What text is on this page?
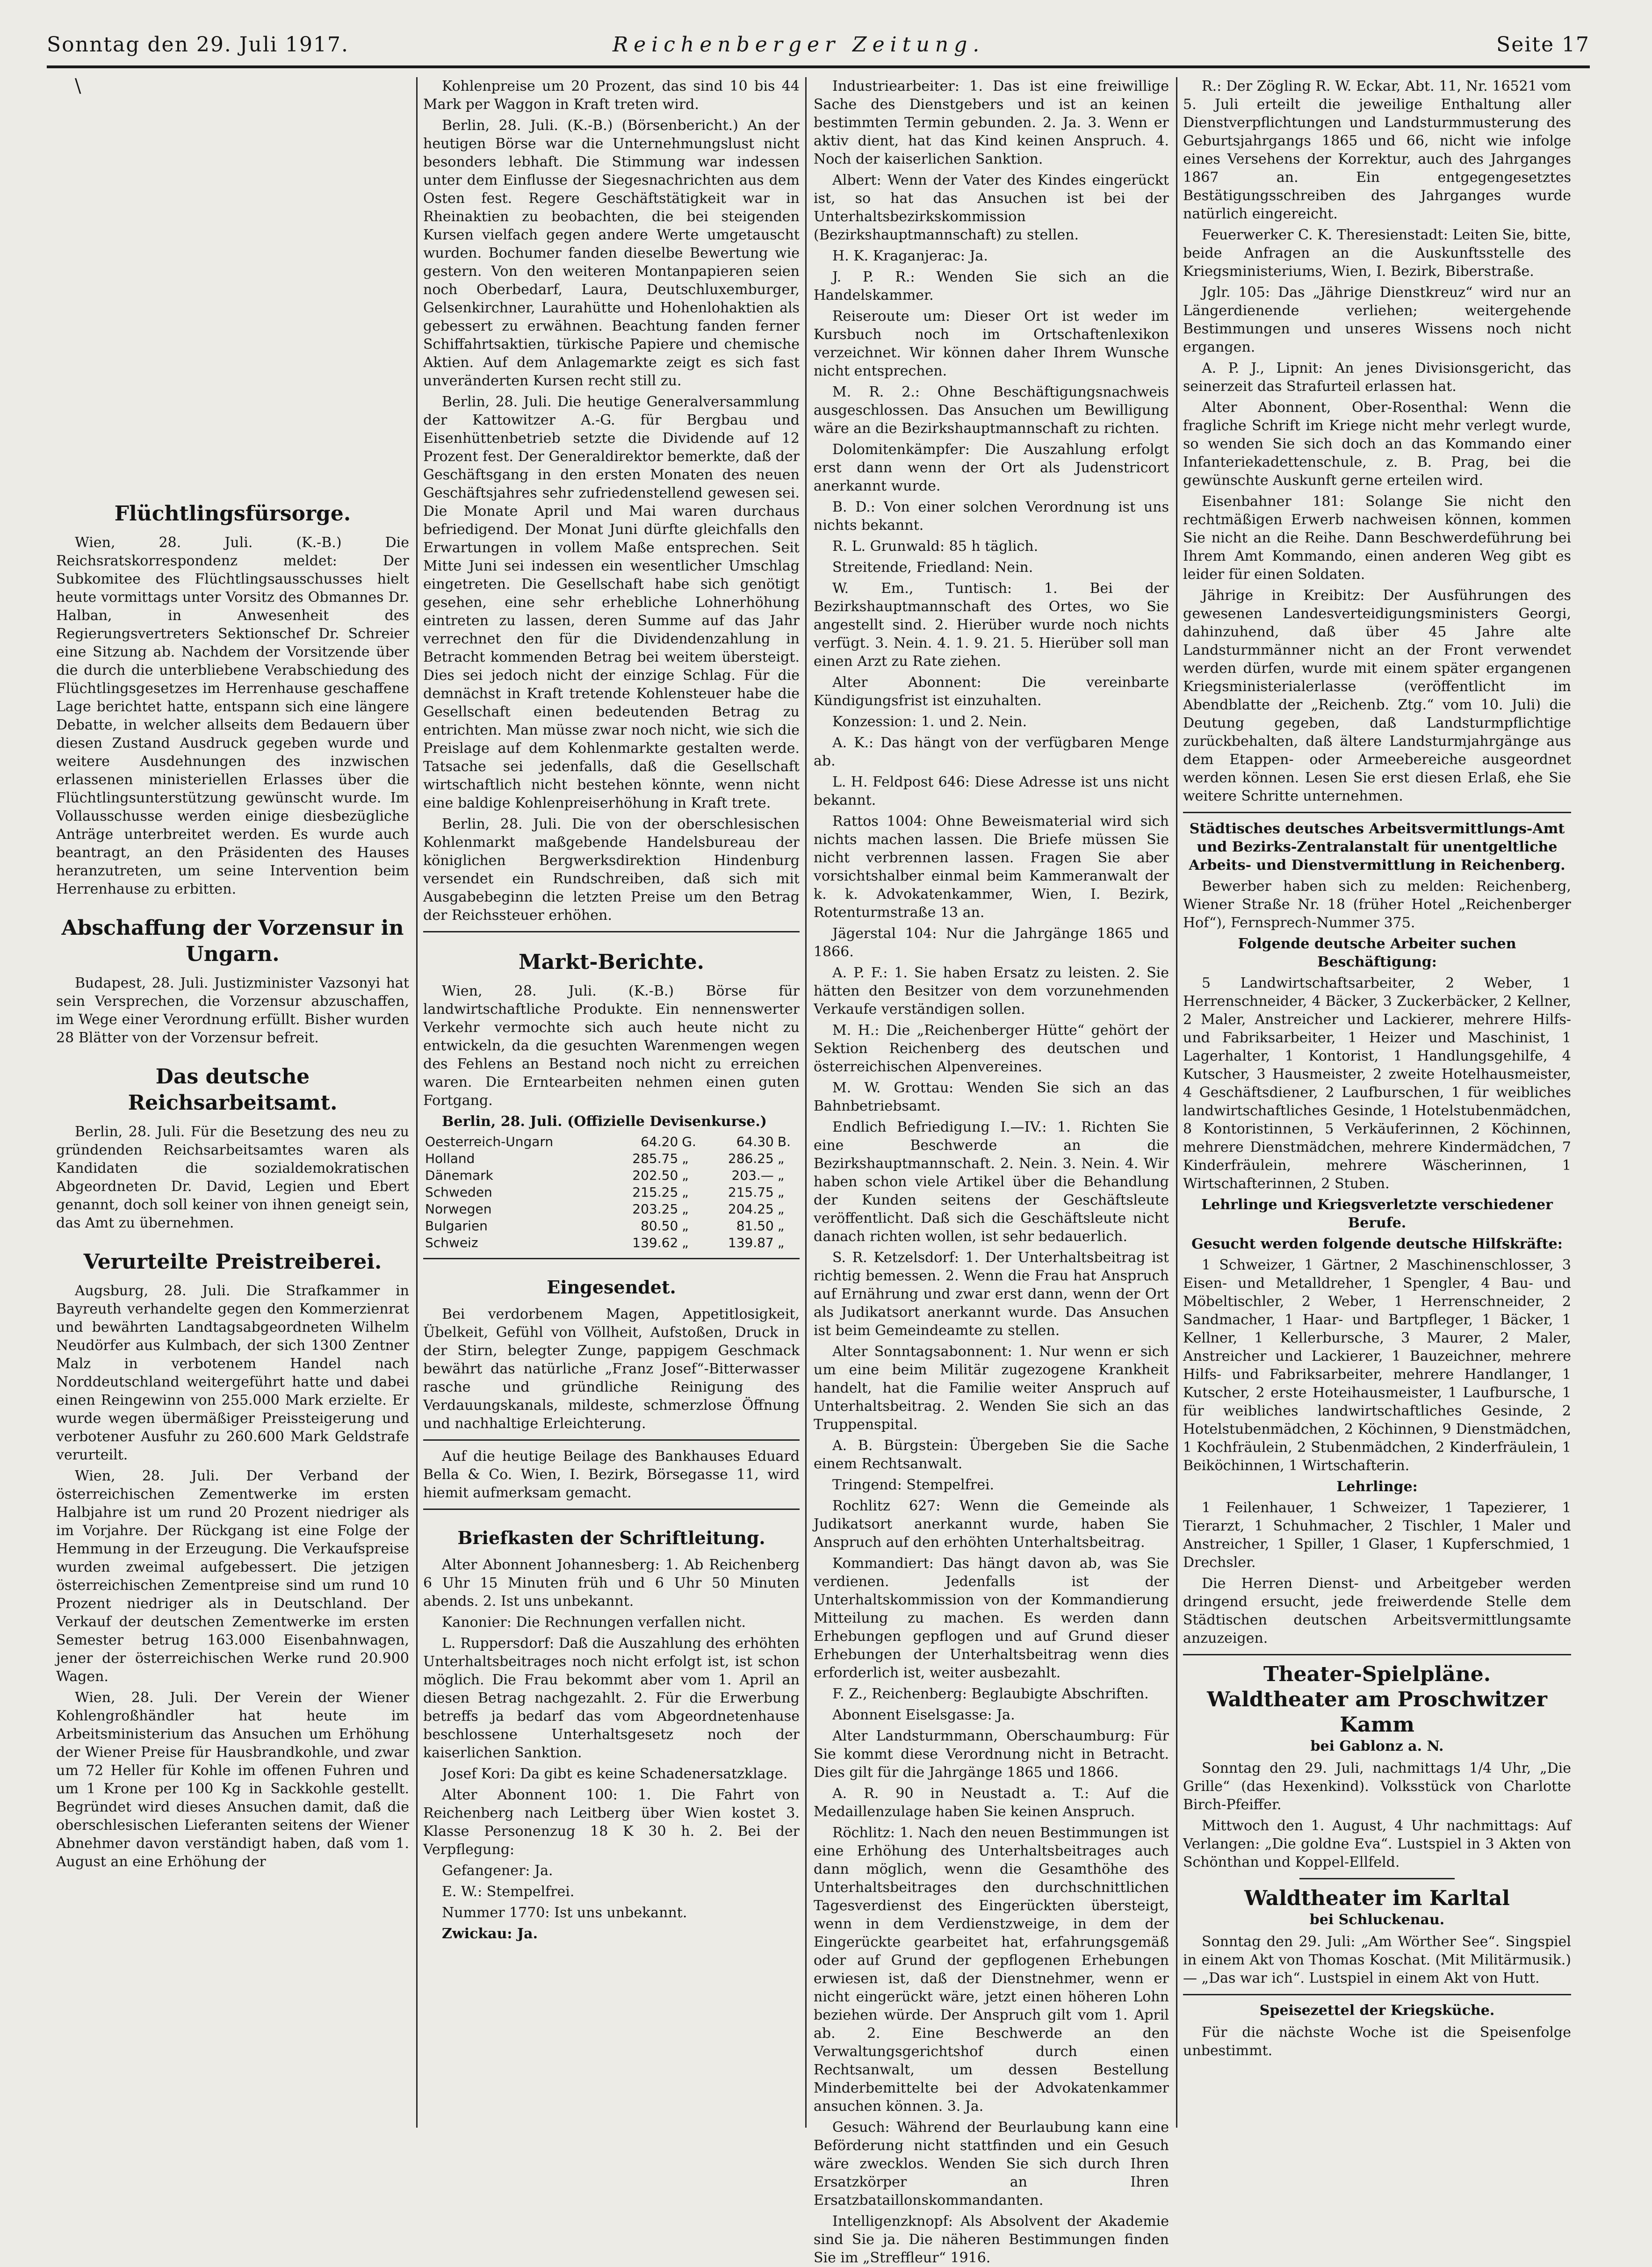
Sonntag den 29. Juli 1917.	Reichenberger Zeitung.	Seite 17
\
Flüchtlingsfürsorge.

Wien, 28. Juli. (K.-B.) Die Reichsratskorrespondenz meldet: Der Subkomitee des Flüchtlingsausschusses hielt heute vormittags unter Vorsitz des Obmannes Dr. Halban, in Anwesenheit des Regierungsvertreters Sektionschef Dr. Schreier eine Sitzung ab. Nachdem der Vorsitzende über die durch die unterbliebene Verabschiedung des Flüchtlingsgesetzes im Herrenhause geschaffene Lage berichtet hatte, entspann sich eine längere Debatte, in welcher allseits dem Bedauern über diesen Zustand Ausdruck gegeben wurde und weitere Ausdehnungen des inzwischen erlassenen ministeriellen Erlasses über die Flüchtlingsunterstützung gewünscht wurde. Im Vollausschusse werden einige diesbezügliche Anträge unterbreitet werden. Es wurde auch beantragt, an den Präsidenten des Hauses heranzutreten, um seine Intervention beim Herrenhause zu erbitten.

Abschaffung der Vorzensur in Ungarn.

Budapest, 28. Juli. Justizminister Vazsonyi hat sein Versprechen, die Vorzensur abzuschaffen, im Wege einer Verordnung erfüllt. Bisher wurden 28 Blätter von der Vorzensur befreit.

Das deutsche Reichsarbeitsamt.

Berlin, 28. Juli. Für die Besetzung des neu zu gründenden Reichsarbeitsamtes waren als Kandidaten die sozialdemokratischen Abgeordneten Dr. David, Legien und Ebert genannt, doch soll keiner von ihnen geneigt sein, das Amt zu übernehmen.

Verurteilte Preistreiberei.

Augsburg, 28. Juli. Die Strafkammer in Bayreuth verhandelte gegen den Kommerzienrat und bewährten Landtagsabgeordneten Wilhelm Neudörfer aus Kulmbach, der sich 1300 Zentner Malz in verbotenem Handel nach Norddeutschland weitergeführt hatte und dabei einen Reingewinn von 255.000 Mark erzielte. Er wurde wegen übermäßiger Preissteigerung und verbotener Ausfuhr zu 260.600 Mark Geldstrafe verurteilt.

Wien, 28. Juli. Der Verband der österreichischen Zementwerke im ersten Halbjahre ist um rund 20 Prozent niedriger als im Vorjahre. Der Rückgang ist eine Folge der Hemmung in der Erzeugung. Die Verkaufspreise wurden zweimal aufgebessert. Die jetzigen österreichischen Zementpreise sind um rund 10 Prozent niedriger als in Deutschland. Der Verkauf der deutschen Zementwerke im ersten Semester betrug 163.000 Eisenbahnwagen, jener der österreichischen Werke rund 20.900 Wagen.

Wien, 28. Juli. Der Verein der Wiener Kohlengroßhändler hat heute im Arbeitsministerium das Ansuchen um Erhöhung der Wiener Preise für Hausbrandkohle, und zwar um 72 Heller für Kohle im offenen Fuhren und um 1 Krone per 100 Kg in Sackkohle gestellt. Begründet wird dieses Ansuchen damit, daß die oberschlesischen Lieferanten seitens der Wiener Abnehmer davon verständigt haben, daß vom 1. August an eine Erhöhung der

Kohlenpreise um 20 Prozent, das sind 10 bis 44 Mark per Waggon in Kraft treten wird.

Berlin, 28. Juli. (K.-B.) (Börsenbericht.) An der heutigen Börse war die Unternehmungslust nicht besonders lebhaft. Die Stimmung war indessen unter dem Einflusse der Siegesnachrichten aus dem Osten fest. Regere Geschäftstätigkeit war in Rheinaktien zu beobachten, die bei steigenden Kursen vielfach gegen andere Werte umgetauscht wurden. Bochumer fanden dieselbe Bewertung wie gestern. Von den weiteren Montanpapieren seien noch Oberbedarf, Laura, Deutschluxemburger, Gelsenkirchner, Laurahütte und Hohenlohaktien als gebessert zu erwähnen. Beachtung fanden ferner Schiffahrtsaktien, türkische Papiere und chemische Aktien. Auf dem Anlagemarkte zeigt es sich fast unveränderten Kursen recht still zu.

Berlin, 28. Juli. Die heutige Generalversammlung der Kattowitzer A.-G. für Bergbau und Eisenhüttenbetrieb setzte die Dividende auf 12 Prozent fest. Der Generaldirektor bemerkte, daß der Geschäftsgang in den ersten Monaten des neuen Geschäftsjahres sehr zufriedenstellend gewesen sei. Die Monate April und Mai waren durchaus befriedigend. Der Monat Juni dürfte gleichfalls den Erwartungen in vollem Maße entsprechen. Seit Mitte Juni sei indessen ein wesentlicher Umschlag eingetreten. Die Gesellschaft habe sich genötigt gesehen, eine sehr erhebliche Lohnerhöhung eintreten zu lassen, deren Summe auf das Jahr verrechnet den für die Dividendenzahlung in Betracht kommenden Betrag bei weitem übersteigt. Dies sei jedoch nicht der einzige Schlag. Für die demnächst in Kraft tretende Kohlensteuer habe die Gesellschaft einen bedeutenden Betrag zu entrichten. Man müsse zwar noch nicht, wie sich die Preislage auf dem Kohlenmarkte gestalten werde. Tatsache sei jedenfalls, daß die Gesellschaft wirtschaftlich nicht bestehen könnte, wenn nicht eine baldige Kohlenpreiserhöhung in Kraft trete.

Berlin, 28. Juli. Die von der oberschlesischen Kohlenmarkt maßgebende Handelsbureau der königlichen Bergwerksdirektion Hindenburg versendet ein Rundschreiben, daß sich mit Ausgabebeginn die letzten Preise um den Betrag der Reichssteuer erhöhen.

Markt-Berichte.

Wien, 28. Juli. (K.-B.) Börse für landwirtschaftliche Produkte. Ein nennenswerter Verkehr vermochte sich auch heute nicht zu entwickeln, da die gesuchten Warenmengen wegen des Fehlens an Bestand noch nicht zu erreichen waren. Die Erntearbeiten nehmen einen guten Fortgang.

Berlin, 28. Juli. (Offizielle Devisenkurse.)

Oesterreich-Ungarn	64.20	G.	64.30	B.
Holland	285.75	„	286.25	„
Dänemark	202.50	„	203.—	„
Schweden	215.25	„	215.75	„
Norwegen	203.25	„	204.25	„
Bulgarien	80.50	„	81.50	„
Schweiz	139.62	„	139.87	„
Eingesendet.

Bei verdorbenem Magen, Appetitlosigkeit, Übelkeit, Gefühl von Völlheit, Aufstoßen, Druck in der Stirn, belegter Zunge, pappigem Geschmack bewährt das natürliche „Franz Josef“-Bitterwasser rasche und gründliche Reinigung des Verdauungskanals, mildeste, schmerzlose Öffnung und nachhaltige Erleichterung.

Auf die heutige Beilage des Bankhauses Eduard Bella & Co. Wien, I. Bezirk, Börsegasse 11, wird hiemit aufmerksam gemacht.

Briefkasten der Schriftleitung.

Alter Abonnent Johannesberg: 1. Ab Reichenberg 6 Uhr 15 Minuten früh und 6 Uhr 50 Minuten abends. 2. Ist uns unbekannt.

Kanonier: Die Rechnungen verfallen nicht.

L. Ruppersdorf: Daß die Auszahlung des erhöhten Unterhaltsbeitrages noch nicht erfolgt ist, ist schon möglich. Die Frau bekommt aber vom 1. April an diesen Betrag nachgezahlt. 2. Für die Erwerbung betreffs ja bedarf das vom Abgeordnetenhause beschlossene Unterhaltsgesetz noch der kaiserlichen Sanktion.

Josef Kori: Da gibt es keine Schadenersatzklage.

Alter Abonnent 100: 1. Die Fahrt von Reichenberg nach Leitberg über Wien kostet 3. Klasse Personenzug 18 K 30 h. 2. Bei der Verpflegung:

Gefangener: Ja.

E. W.: Stempelfrei.

Nummer 1770: Ist uns unbekannt.

Zwickau: Ja.

Industriearbeiter: 1. Das ist eine freiwillige Sache des Dienstgebers und ist an keinen bestimmten Termin gebunden. 2. Ja. 3. Wenn er aktiv dient, hat das Kind keinen Anspruch. 4. Noch der kaiserlichen Sanktion.

Albert: Wenn der Vater des Kindes eingerückt ist, so hat das Ansuchen ist bei der Unterhaltsbezirkskommission (Bezirkshauptmannschaft) zu stellen.

H. K. Kraganjerac: Ja.

J. P. R.: Wenden Sie sich an die Handelskammer.

Reiseroute um: Dieser Ort ist weder im Kursbuch noch im Ortschaftenlexikon verzeichnet. Wir können daher Ihrem Wunsche nicht entsprechen.

M. R. 2.: Ohne Beschäftigungsnachweis ausgeschlossen. Das Ansuchen um Bewilligung wäre an die Bezirkshauptmannschaft zu richten.

Dolomitenkämpfer: Die Auszahlung erfolgt erst dann wenn der Ort als Judenstricort anerkannt wurde.

B. D.: Von einer solchen Verordnung ist uns nichts bekannt.

R. L. Grunwald: 85 h täglich.

Streitende, Friedland: Nein.

W. Em., Tuntisch: 1. Bei der Bezirkshauptmannschaft des Ortes, wo Sie angestellt sind. 2. Hierüber wurde noch nichts verfügt. 3. Nein. 4. 1. 9. 21. 5. Hierüber soll man einen Arzt zu Rate ziehen.

Alter Abonnent: Die vereinbarte Kündigungsfrist ist einzuhalten.

Konzession: 1. und 2. Nein.

A. K.: Das hängt von der verfügbaren Menge ab.

L. H. Feldpost 646: Diese Adresse ist uns nicht bekannt.

Rattos 1004: Ohne Beweismaterial wird sich nichts machen lassen. Die Briefe müssen Sie nicht verbrennen lassen. Fragen Sie aber vorsichtshalber einmal beim Kammeranwalt der k. k. Advokatenkammer, Wien, I. Bezirk, Rotenturmstraße 13 an.

Jägerstal 104: Nur die Jahrgänge 1865 und 1866.

A. P. F.: 1. Sie haben Ersatz zu leisten. 2. Sie hätten den Besitzer von dem vorzunehmenden Verkaufe verständigen sollen.

M. H.: Die „Reichenberger Hütte“ gehört der Sektion Reichenberg des deutschen und österreichischen Alpenvereines.

M. W. Grottau: Wenden Sie sich an das Bahnbetriebsamt.

Endlich Befriedigung I.—IV.: 1. Richten Sie eine Beschwerde an die Bezirkshauptmannschaft. 2. Nein. 3. Nein. 4. Wir haben schon viele Artikel über die Behandlung der Kunden seitens der Geschäftsleute veröffentlicht. Daß sich die Geschäftsleute nicht danach richten wollen, ist sehr bedauerlich.

S. R. Ketzelsdorf: 1. Der Unterhaltsbeitrag ist richtig bemessen. 2. Wenn die Frau hat Anspruch auf Ernährung und zwar erst dann, wenn der Ort als Judikatsort anerkannt wurde. Das Ansuchen ist beim Gemeindeamte zu stellen.

Alter Sonntagsabonnent: 1. Nur wenn er sich um eine beim Militär zugezogene Krankheit handelt, hat die Familie weiter Anspruch auf Unterhaltsbeitrag. 2. Wenden Sie sich an das Truppenspital.

A. B. Bürgstein: Übergeben Sie die Sache einem Rechtsanwalt.

Tringend: Stempelfrei.

Rochlitz 627: Wenn die Gemeinde als Judikatsort anerkannt wurde, haben Sie Anspruch auf den erhöhten Unterhaltsbeitrag.

Kommandiert: Das hängt davon ab, was Sie verdienen. Jedenfalls ist der Unterhaltskommission von der Kommandierung Mitteilung zu machen. Es werden dann Erhebungen gepflogen und auf Grund dieser Erhebungen der Unterhaltsbeitrag wenn dies erforderlich ist, weiter ausbezahlt.

F. Z., Reichenberg: Beglaubigte Abschriften.

Abonnent Eiselsgasse: Ja.

Alter Landsturmmann, Oberschaumburg: Für Sie kommt diese Verordnung nicht in Betracht. Dies gilt für die Jahrgänge 1865 und 1866.

A. R. 90 in Neustadt a. T.: Auf die Medaillenzulage haben Sie keinen Anspruch.

Röchlitz: 1. Nach den neuen Bestimmungen ist eine Erhöhung des Unterhaltsbeitrages auch dann möglich, wenn die Gesamthöhe des Unterhaltsbeitrages den durchschnittlichen Tagesverdienst des Eingerückten übersteigt, wenn in dem Verdienstzweige, in dem der Eingerückte gearbeitet hat, erfahrungsgemäß oder auf Grund der gepflogenen Erhebungen erwiesen ist, daß der Dienstnehmer, wenn er nicht eingerückt wäre, jetzt einen höheren Lohn beziehen würde. Der Anspruch gilt vom 1. April ab. 2. Eine Beschwerde an den Verwaltungsgerichtshof durch einen Rechtsanwalt, um dessen Bestellung Minderbemittelte bei der Advokatenkammer ansuchen können. 3. Ja.

Gesuch: Während der Beurlaubung kann eine Beförderung nicht stattfinden und ein Gesuch wäre zwecklos. Wenden Sie sich durch Ihren Ersatzkörper an Ihren Ersatzbataillonskommandanten.

Intelligenzknopf: Als Absolvent der Akademie sind Sie ja. Die näheren Bestimmungen finden Sie im „Streffleur“ 1916.

R.: Der Zögling R. W. Eckar, Abt. 11, Nr. 16521 vom 5. Juli erteilt die jeweilige Enthaltung aller Dienstverpflichtungen und Landsturmmusterung des Geburtsjahrgangs 1865 und 66, nicht wie infolge eines Versehens der Korrektur, auch des Jahrganges 1867 an. Ein entgegengesetztes Bestätigungsschreiben des Jahrganges wurde natürlich eingereicht.

Feuerwerker C. K. Theresienstadt: Leiten Sie, bitte, beide Anfragen an die Auskunftsstelle des Kriegsministeriums, Wien, I. Bezirk, Biberstraße.

Jglr. 105: Das „Jährige Dienstkreuz“ wird nur an Längerdienende verliehen; weitergehende Bestimmungen und unseres Wissens noch nicht ergangen.

A. P. J., Lipnit: An jenes Divisionsgericht, das seinerzeit das Strafurteil erlassen hat.

Alter Abonnent, Ober-Rosenthal: Wenn die fragliche Schrift im Kriege nicht mehr verlegt wurde, so wenden Sie sich doch an das Kommando einer Infanteriekadettenschule, z. B. Prag, bei die gewünschte Auskunft gerne erteilen wird.

Eisenbahner 181: Solange Sie nicht den rechtmäßigen Erwerb nachweisen können, kommen Sie nicht an die Reihe. Dann Beschwerdeführung bei Ihrem Amt Kommando, einen anderen Weg gibt es leider für einen Soldaten.

Jährige in Kreibitz: Der Ausführungen des gewesenen Landesverteidigungsministers Georgi, dahinzuhend, daß über 45 Jahre alte Landsturmmänner nicht an der Front verwendet werden dürfen, wurde mit einem später ergangenen Kriegsministerialerlasse (veröffentlicht im Abendblatte der „Reichenb. Ztg.“ vom 10. Juli) die Deutung gegeben, daß Landsturmpflichtige zurückbehalten, daß ältere Landsturmjahrgänge aus dem Etappen- oder Armeebereiche ausgeordnet werden können. Lesen Sie erst diesen Erlaß, ehe Sie weitere Schritte unternehmen.

Städtisches deutsches Arbeitsvermittlungs-Amt und Bezirks-Zentralanstalt für unentgeltliche Arbeits- und Dienstvermittlung in Reichenberg.

Bewerber haben sich zu melden: Reichenberg, Wiener Straße Nr. 18 (früher Hotel „Reichenberger Hof“), Fernsprech-Nummer 375.

Folgende deutsche Arbeiter suchen Beschäftigung:

5 Landwirtschaftsarbeiter, 2 Weber, 1 Herrenschneider, 4 Bäcker, 3 Zuckerbäcker, 2 Kellner, 2 Maler, Anstreicher und Lackierer, mehrere Hilfs- und Fabriksarbeiter, 1 Heizer und Maschinist, 1 Lagerhalter, 1 Kontorist, 1 Handlungsgehilfe, 4 Kutscher, 3 Hausmeister, 2 zweite Hotelhausmeister, 4 Geschäftsdiener, 2 Laufburschen, 1 für weibliches landwirtschaftliches Gesinde, 1 Hotelstubenmädchen, 8 Kontoristinnen, 5 Verkäuferinnen, 2 Köchinnen, mehrere Dienstmädchen, mehrere Kindermädchen, 7 Kinderfräulein, mehrere Wäscherinnen, 1 Wirtschafterinnen, 2 Stuben.

Lehrlinge und Kriegsverletzte verschiedener Berufe.

Gesucht werden folgende deutsche Hilfskräfte:

1 Schweizer, 1 Gärtner, 2 Maschinenschlosser, 3 Eisen- und Metalldreher, 1 Spengler, 4 Bau- und Möbeltischler, 2 Weber, 1 Herrenschneider, 2 Sandmacher, 1 Haar- und Bartpfleger, 1 Bäcker, 1 Kellner, 1 Kellerbursche, 3 Maurer, 2 Maler, Anstreicher und Lackierer, 1 Bauzeichner, mehrere Hilfs- und Fabriksarbeiter, mehrere Handlanger, 1 Kutscher, 2 erste Hoteihausmeister, 1 Laufbursche, 1 für weibliches landwirtschaftliches Gesinde, 2 Hotelstubenmädchen, 2 Köchinnen, 9 Dienstmädchen, 1 Kochfräulein, 2 Stubenmädchen, 2 Kinderfräulein, 1 Beiköchinnen, 1 Wirtschafterin.

Lehrlinge:

1 Feilenhauer, 1 Schweizer, 1 Tapezierer, 1 Tierarzt, 1 Schuhmacher, 2 Tischler, 1 Maler und Anstreicher, 1 Spiller, 1 Glaser, 1 Kupferschmied, 1 Drechsler.

Die Herren Dienst- und Arbeitgeber werden dringend ersucht, jede freiwerdende Stelle dem Städtischen deutschen Arbeitsvermittlungsamte anzuzeigen.

Theater-Spielpläne.
Waldtheater am Proschwitzer Kamm
bei Gablonz a. N.

Sonntag den 29. Juli, nachmittags 1/4 Uhr, „Die Grille“ (das Hexenkind). Volksstück von Charlotte Birch-Pfeiffer.

Mittwoch den 1. August, 4 Uhr nachmittags: Auf Verlangen: „Die goldne Eva“. Lustspiel in 3 Akten von Schönthan und Koppel-Ellfeld.

Waldtheater im Karltal
bei Schluckenau.

Sonntag den 29. Juli: „Am Wörther See“. Singspiel in einem Akt von Thomas Koschat. (Mit Militärmusik.) — „Das war ich“. Lustspiel in einem Akt von Hutt.

Speisezettel der Kriegsküche.

Für die nächste Woche ist die Speisenfolge unbestimmt.
